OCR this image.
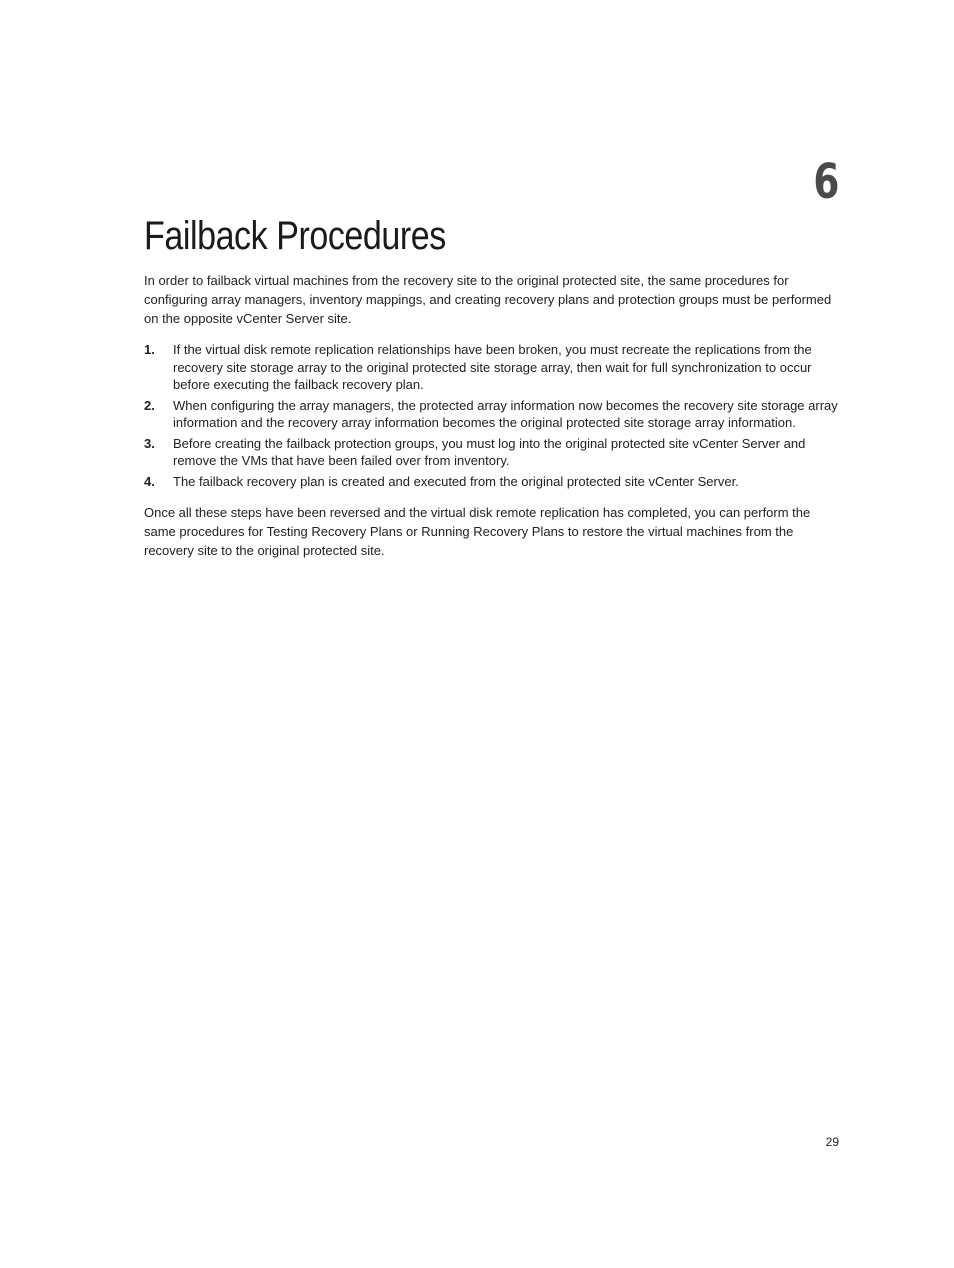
6
Failback Procedures

In order to failback virtual machines from the recovery site to the original protected site, the same procedures for configuring array managers, inventory mappings, and creating recovery plans and protection groups must be performed on the opposite vCenter Server site.

1. If the virtual disk remote replication relationships have been broken, you must recreate the replications from the recovery site storage array to the original protected site storage array, then wait for full synchronization to occur before executing the failback recovery plan.
2. When configuring the array managers, the protected array information now becomes the recovery site storage array information and the recovery array information becomes the original protected site storage array information.
3. Before creating the failback protection groups, you must log into the original protected site vCenter Server and remove the VMs that have been failed over from inventory.
4. The failback recovery plan is created and executed from the original protected site vCenter Server.

Once all these steps have been reversed and the virtual disk remote replication has completed, you can perform the same procedures for Testing Recovery Plans or Running Recovery Plans to restore the virtual machines from the recovery site to the original protected site.

29
